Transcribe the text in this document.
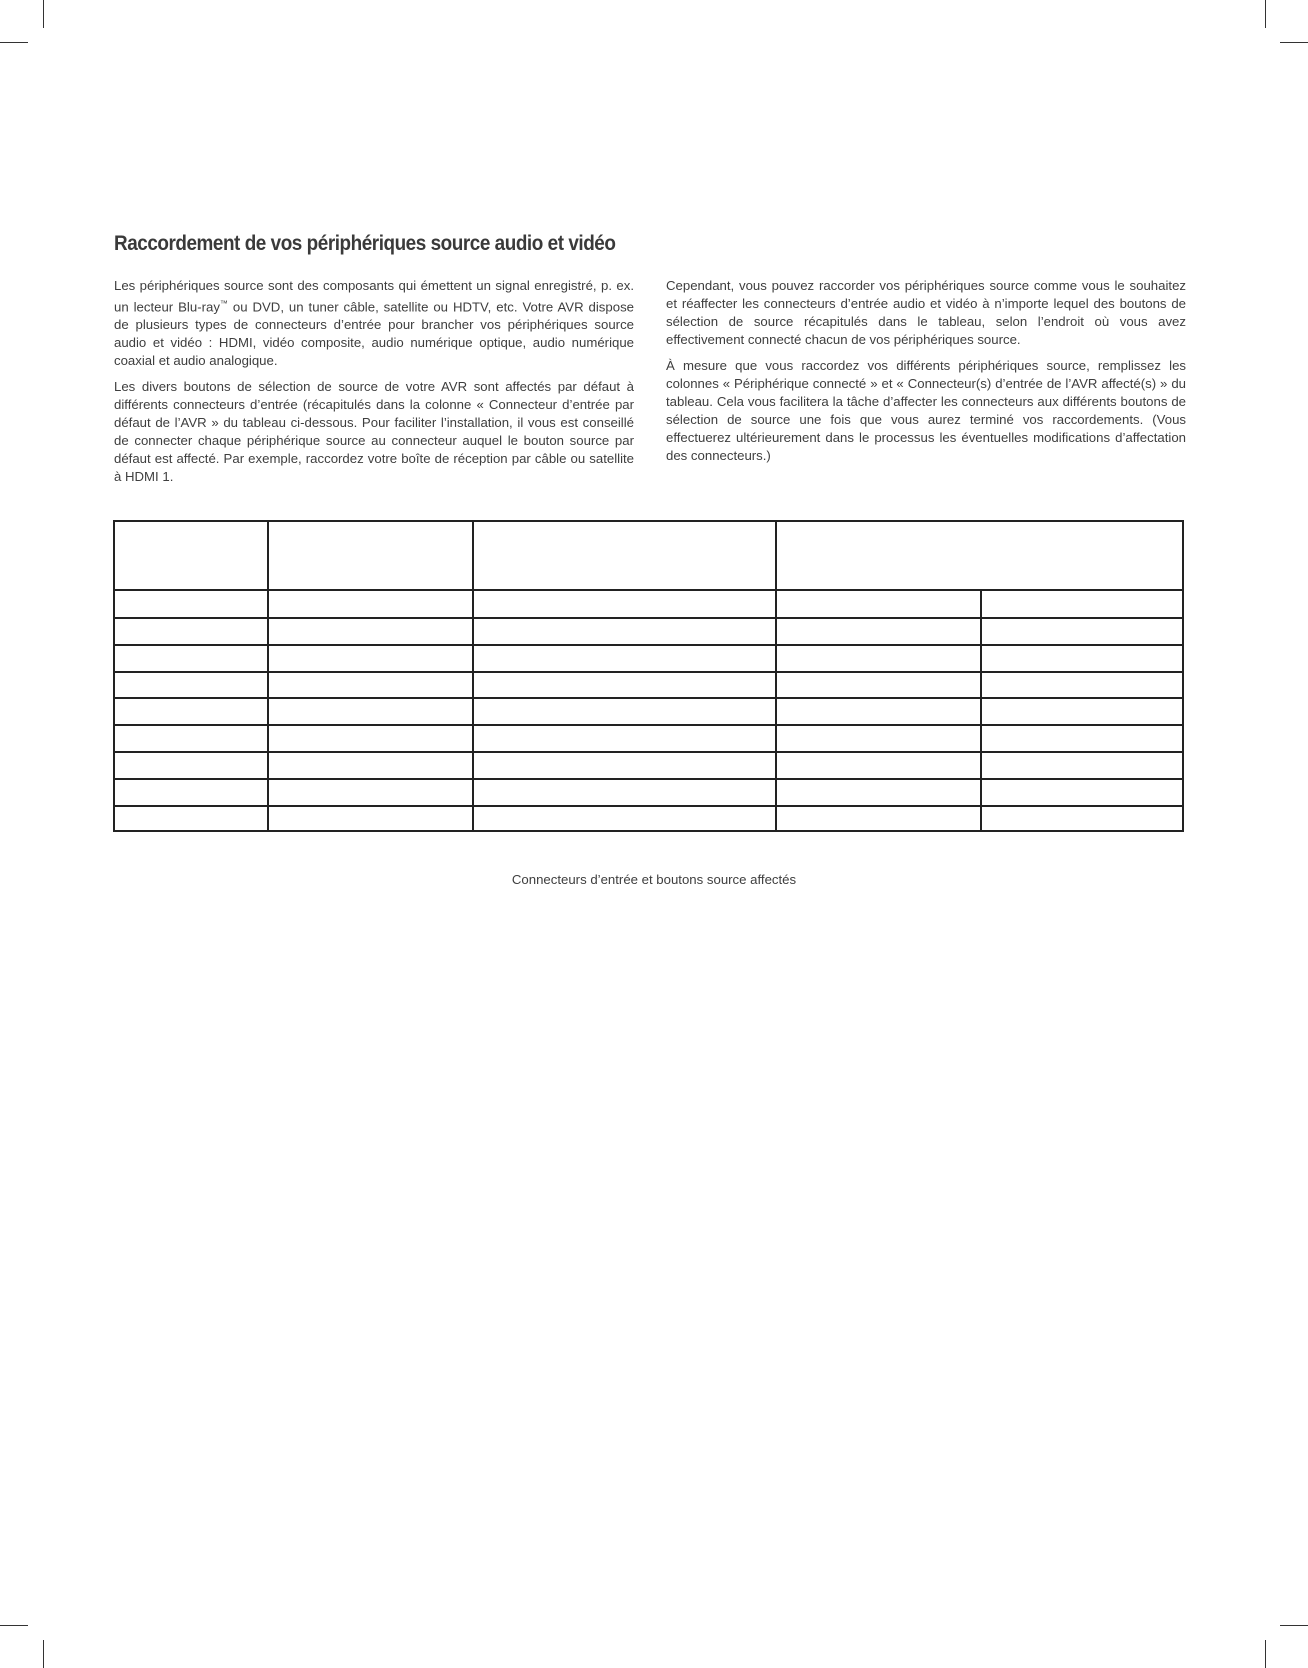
Raccordement de vos périphériques source audio et vidéo

Les périphériques source sont des composants qui émettent un signal enregistré, p. ex. un lecteur Blu-ray™ ou DVD, un tuner câble, satellite ou HDTV, etc. Votre AVR dispose de plusieurs types de connecteurs d’entrée pour brancher vos périphériques source audio et vidéo : HDMI, vidéo composite, audio numérique optique, audio numérique coaxial et audio analogique.

Les divers boutons de sélection de source de votre AVR sont affectés par défaut à différents connecteurs d’entrée (récapitulés dans la colonne « Connecteur d’entrée par défaut de l’AVR » du tableau ci-dessous. Pour faciliter l’installation, il vous est conseillé de connecter chaque périphérique source au connecteur auquel le bouton source par défaut est affecté. Par exemple, raccordez votre boîte de réception par câble ou satellite à HDMI 1.

Cependant, vous pouvez raccorder vos périphériques source comme vous le souhaitez et réaffecter les connecteurs d’entrée audio et vidéo à n’importe lequel des boutons de sélection de source récapitulés dans le tableau, selon l’endroit où vous avez effectivement connecté chacun de vos périphériques source.

À mesure que vous raccordez vos différents périphériques source, remplissez les colonnes « Périphérique connecté » et « Connecteur(s) d’entrée de l’AVR affecté(s) » du tableau. Cela vous facilitera la tâche d’affecter les connecteurs aux différents boutons de sélection de source une fois que vous aurez terminé vos raccordements. (Vous effectuerez ultérieurement dans le processus les éventuelles modifications d’affectation des connecteurs.)

Connecteurs d’entrée et boutons source affectés
